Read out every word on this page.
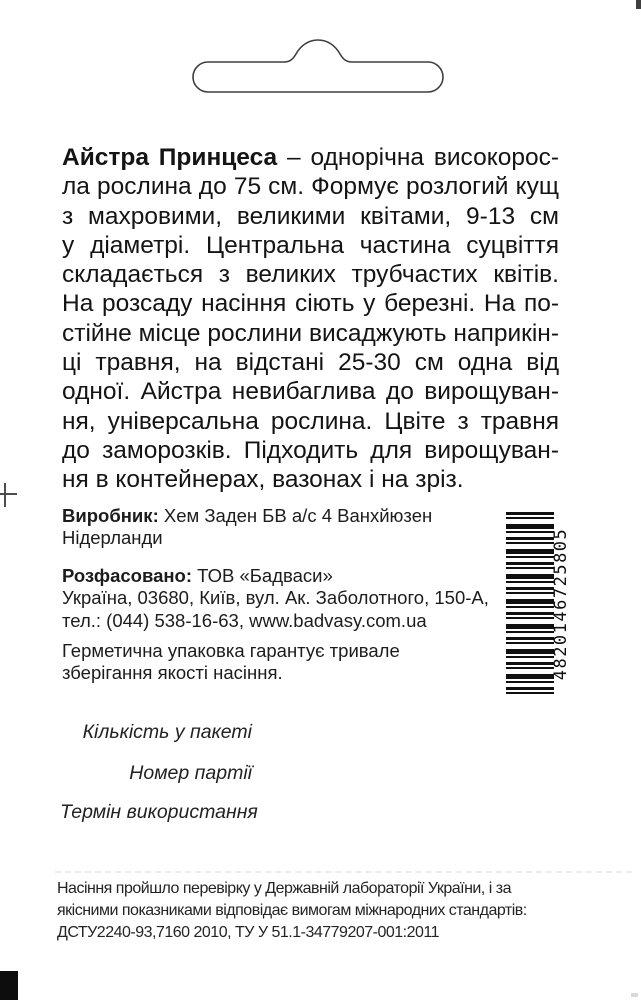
Айстра Принцеса – однорічна високорос-
ла рослина до 75 см. Формує розлогий кущ
з махровими, великими квітами, 9-13 см
у діаметрі. Центральна частина суцвіття
складається з великих трубчастих квітів.
На розсаду насіння сіють у березні. На по-
стійне місце рослини висаджують наприкін-
ці травня, на відстані 25-30 см одна від
одної. Айстра невибаглива до вирощуван-
ня, універсальна рослина. Цвіте з травня
до заморозків. Підходить для вирощуван-
ня в контейнерах, вазонах і на зріз.
Виробник: Хем Заден БВ а/с 4 Ванхйюзен
Нідерланди
Розфасовано: ТОВ «Бадваси»
Україна, 03680, Київ, вул. Ак. Заболотного, 150-А,
тел.: (044) 538-16-63, www.badvasy.com.ua
Герметична упаковка гарантує тривале
зберігання якості насіння.
Кількість у пакеті
Номер партії
Термін використання
Насіння пройшло перевірку у Державній лабораторії України, і за
якісними показниками відповідає вимогам міжнародних стандартів:
ДСТУ2240-93,7160 2010, ТУ У 51.1-34779207-001:2011
4820146725805
